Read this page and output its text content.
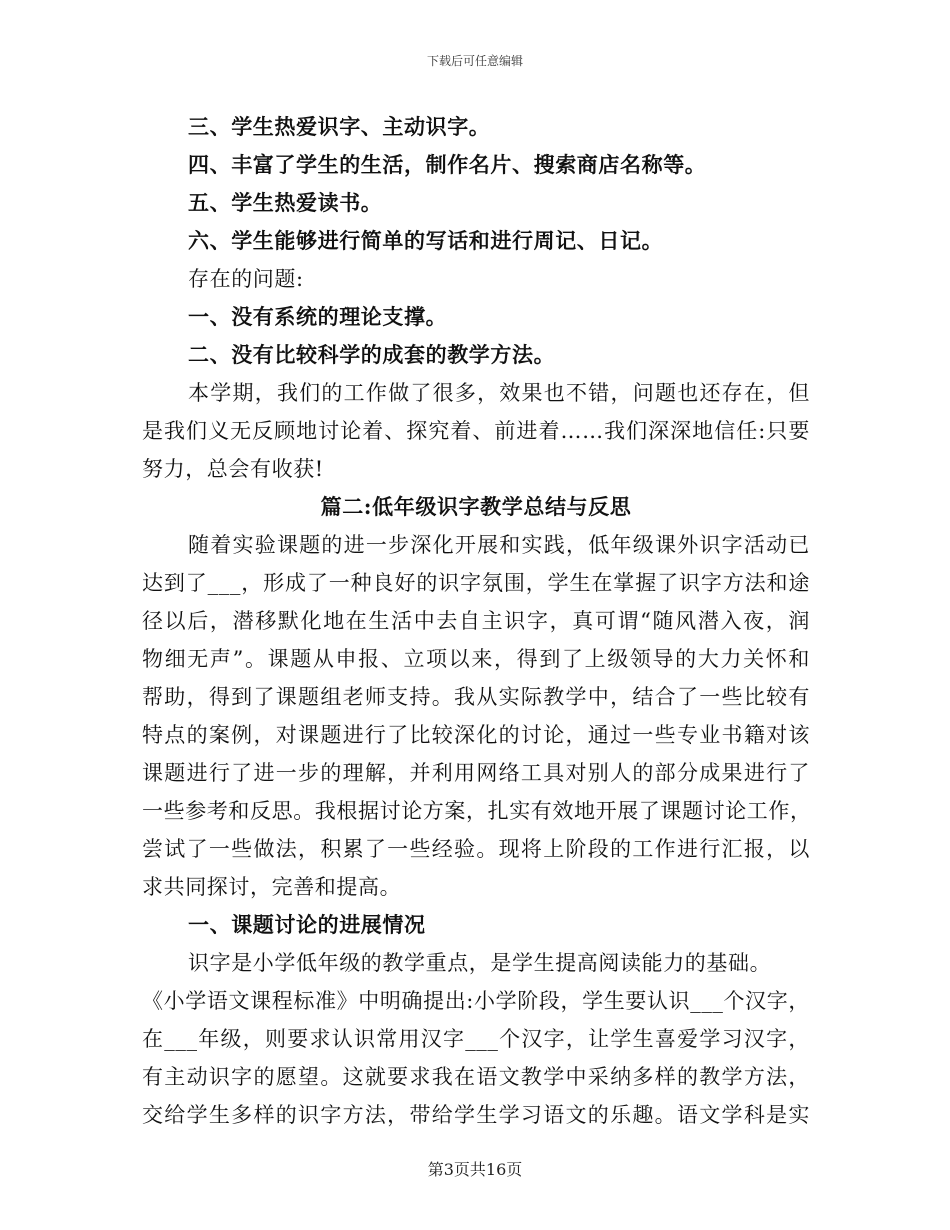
下载后可任意编辑
三、学生热爱识字、主动识字。
四、丰富了学生的生活，制作名片、搜索商店名称等。
五、学生热爱读书。
六、学生能够进行简单的写话和进行周记、日记。
存在的问题:
一、没有系统的理论支撑。
二、没有比较科学的成套的教学方法。
本学期，我们的工作做了很多，效果也不错，问题也还存在，但
是我们义无反顾地讨论着、探究着、前进着……我们深深地信任:只要
努力，总会有收获!
篇二:低年级识字教学总结与反思
随着实验课题的进一步深化开展和实践，低年级课外识字活动已
达到了___，形成了一种良好的识字氛围，学生在掌握了识字方法和途
径以后，潜移默化地在生活中去自主识字，真可谓“随风潜入夜，润
物细无声”。课题从申报、立项以来，得到了上级领导的大力关怀和
帮助，得到了课题组老师支持。我从实际教学中，结合了一些比较有
特点的案例，对课题进行了比较深化的讨论，通过一些专业书籍对该
课题进行了进一步的理解，并利用网络工具对别人的部分成果进行了
一些参考和反思。我根据讨论方案，扎实有效地开展了课题讨论工作，
尝试了一些做法，积累了一些经验。现将上阶段的工作进行汇报，以
求共同探讨，完善和提高。
一、课题讨论的进展情况
识字是小学低年级的教学重点，是学生提高阅读能力的基础。
《小学语文课程标准》中明确提出:小学阶段，学生要认识___个汉字，
在___年级，则要求认识常用汉字___个汉字，让学生喜爱学习汉字，
有主动识字的愿望。这就要求我在语文教学中采纳多样的教学方法，
交给学生多样的识字方法，带给学生学习语文的乐趣。语文学科是实
第3页共16页
